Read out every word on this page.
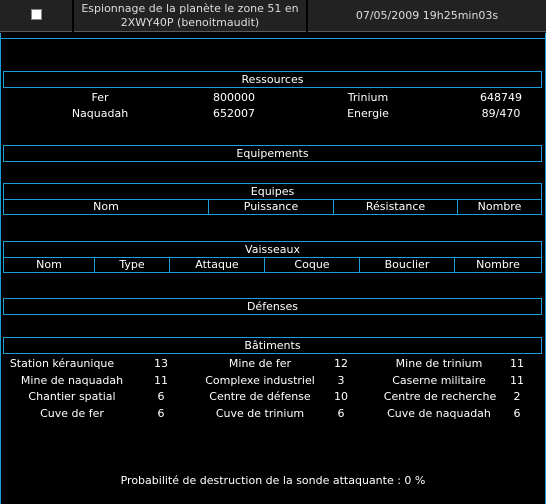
Espionnage de la planète le zone 51 en
2XWY40P (benoitmaudit)
07/05/2009 19h25min03s
Ressources
Fer	800000	Trinium	648749
Naquadah	652007	Energie	89/470
Equipements
Equipes
Nom	Puissance	Résistance	Nombre
Vaisseaux
Nom	Type	Attaque	Coque	Bouclier	Nombre
Défenses
Bâtiments
Station kéraunique	13	Mine de fer	12	Mine de trinium	11
Mine de naquadah	11	Complexe industriel	3	Caserne militaire	11
Chantier spatial	6	Centre de défense	10	Centre de recherche	2
Cuve de fer	6	Cuve de trinium	6	Cuve de naquadah	6
Probabilité de destruction de la sonde attaquante : 0 %
